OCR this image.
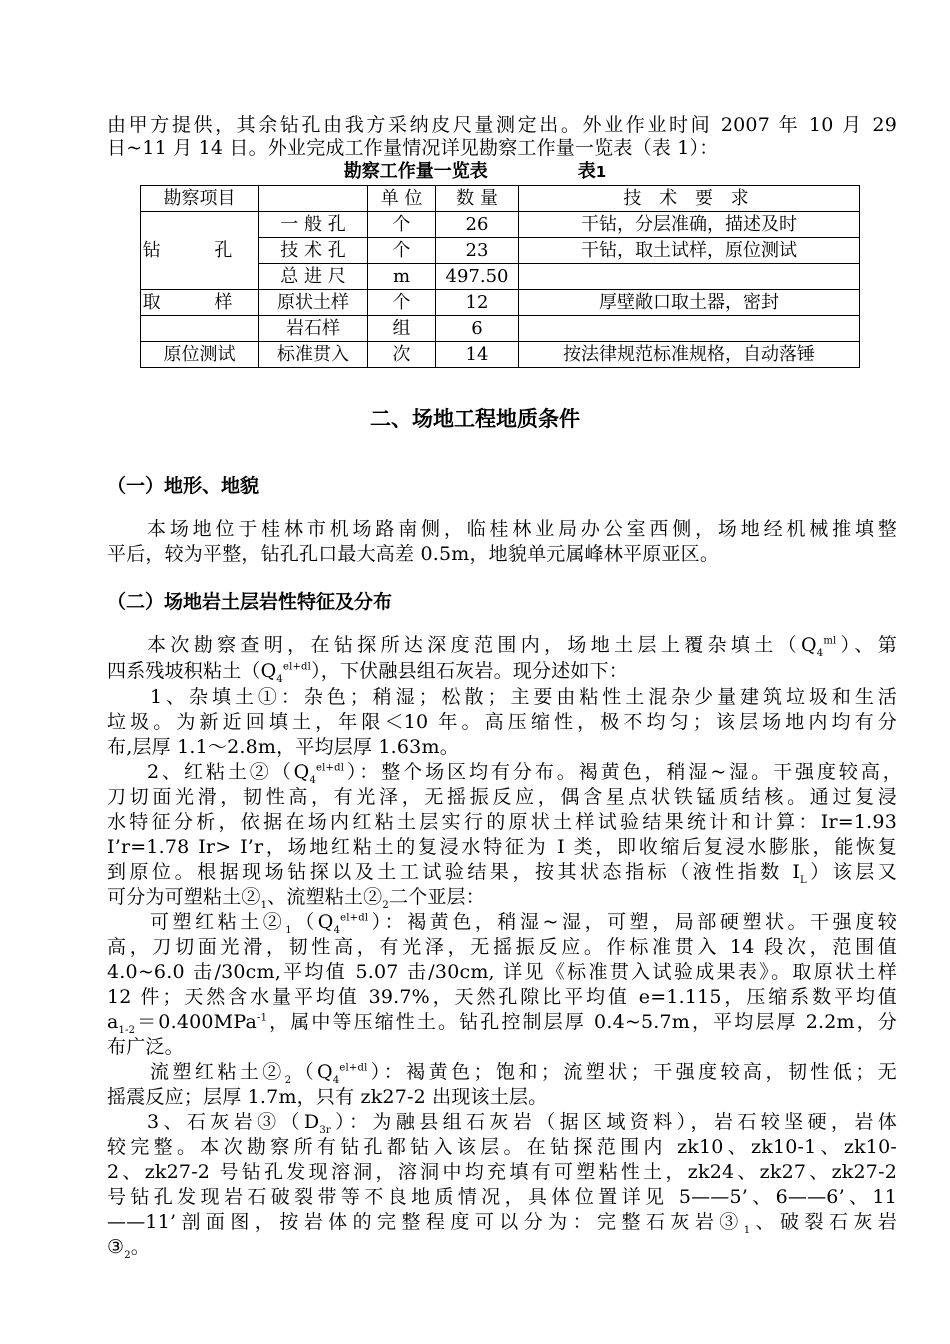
由甲方提供，其余钻孔由我方采纳皮尺量测定出。外业作业时间 2007 年 10 月 29
日~11 月 14 日。外业完成工作量情况详见勘察工作量一览表（表 1）：
勘察工作量一览表	表1
勘察项目		单 位	数 量	技 术 要 求
钻 孔	一 般 孔	个	26	干钻，分层准确，描述及时
	技 术 孔	个	23	干钻，取土试样，原位测试
	总 进 尺	m	497.50	
取 样	原状土样	个	12	厚壁敞口取土器，密封
	岩石样	组	6	
原位测试	标准贯入	次	14	按法律规范标准规格，自动落锤
二、场地工程地质条件
（一）地形、地貌
本场地位于桂林市机场路南侧，临桂林业局办公室西侧，场地经机械推填整
平后，较为平整，钻孔孔口最大高差 0.5m，地貌单元属峰林平原亚区。
（二）场地岩土层岩性特征及分布
本次勘察查明，在钻探所达深度范围内，场地土层上覆杂填土$(Q_4^{ml})$、第
四系残坡积粘土$(Q_4^{el+dl})$，下伏融县组石灰岩。现分述如下：
1、杂填土①：杂色；稍湿；松散；主要由粘性土混杂少量建筑垃圾和生活
垃圾。为新近回填土，年限＜10 年。高压缩性，极不均匀；该层场地内均有分
布,层厚 1.1～2.8m，平均层厚 1.63m。
2、红粘土$②(Q_4^{el+dl})$：整个场区均有分布。褐黄色，稍湿~湿。干强度较高，
刀切面光滑，韧性高，有光泽，无摇振反应，偶含星点状铁锰质结核。通过复浸
水特征分析，依据在场内红粘土层实行的原状土样试验结果统计和计算：Ir=1.93
I’r=1.78 Ir> I’r，场地红粘土的复浸水特征为 I 类，即收缩后复浸水膨胀，能恢复
到原位。根据现场钻探以及土工试验结果，按其状态指标（液性指数 $I_L$）该层又
可分为可塑粘土$②_1$、流塑粘土$②_2$二个亚层：
可塑红粘土$②_1(Q_4^{el+dl})$：褐黄色，稍湿~湿，可塑，局部硬塑状。干强度较
高，刀切面光滑，韧性高，有光泽，无摇振反应。作标准贯入 14 段次，范围值
4.0~6.0 击/30cm,平均值 5.07 击/30cm, 详见《标准贯入试验成果表》。取原状土样
12 件；天然含水量平均值 39.7%，天然孔隙比平均值 e=1.115，压缩系数平均值
$a_{1-2}=0.400MPa^{-1}$，属中等压缩性土。钻孔控制层厚 0.4~5.7m，平均层厚 2.2m，分
布广泛。
流塑红粘土$②_2(Q_4^{el+dl})$：褐黄色；饱和；流塑状；干强度较高，韧性低；无
摇震反应；层厚 1.7m，只有 zk27-2 出现该土层。
3、石灰岩$③(D_{3r})$：为融县组石灰岩（据区域资料），岩石较坚硬，岩体
较完整。本次勘察所有钻孔都钻入该层。在钻探范围内 zk10、zk10-1、zk10-
2、zk27-2 号钻孔发现溶洞，溶洞中均充填有可塑粘性土，zk24、zk27、zk27-2
号钻孔发现岩石破裂带等不良地质情况，具体位置详见 5——5’、6——6’、11
——11’剖面图，按岩体的完整程度可以分为：完整石灰岩$③_1$、破裂石灰岩
$③_2$。
